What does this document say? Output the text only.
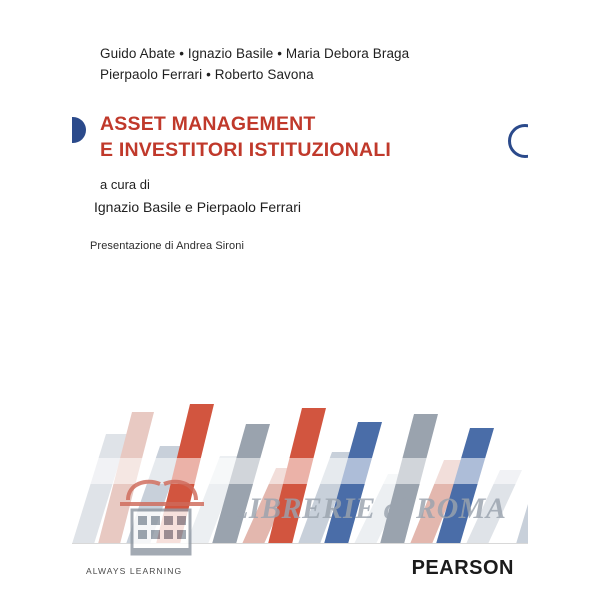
Guido Abate • Ignazio Basile • Maria Debora Braga
Pierpaolo Ferrari • Roberto Savona
ASSET MANAGEMENT
E INVESTITORI ISTITUZIONALI
a cura di
Ignazio Basile e Pierpaolo Ferrari
Presentazione di Andrea Sironi
ALWAYS LEARNING	PEARSON
LIBRERIE di ROMA
